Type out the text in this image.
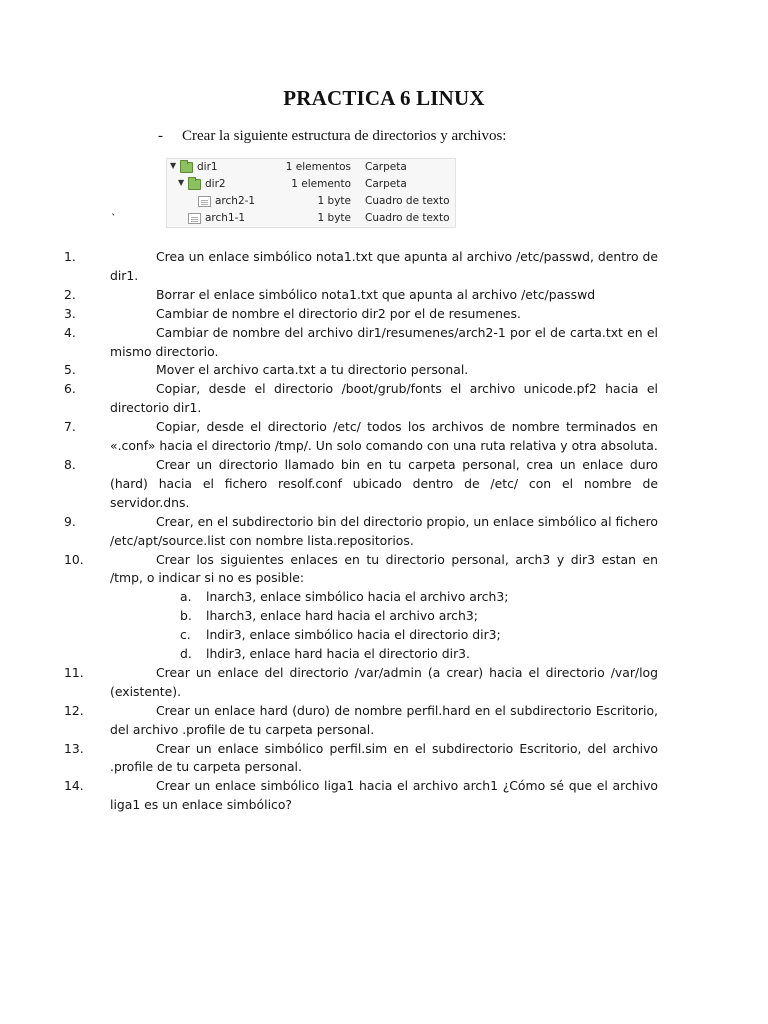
PRACTICA 6 LINUX
- Crear la siguiente estructura de directorios y archivos:
▼ dir1	1 elementos Carpeta
▼ dir2	1 elemento Carpeta
arch2-1	1 byte Cuadro de texto
arch1-1	1 byte Cuadro de texto
`

1.	Crea un enlace simbólico nota1.txt que apunta al archivo /etc/passwd, dentro de dir1.

2.	Borrar el enlace simbólico nota1.txt que apunta al archivo /etc/passwd

3.	Cambiar de nombre el directorio dir2 por el de resumenes.

4.	Cambiar de nombre del archivo dir1/resumenes/arch2-1 por el de carta.txt en el mismo directorio.

5.	Mover el archivo carta.txt a tu directorio personal.

6.	Copiar, desde el directorio /boot/grub/fonts el archivo unicode.pf2 hacia el directorio dir1.

7.	Copiar, desde el directorio /etc/ todos los archivos de nombre terminados en «.conf» hacia el directorio /tmp/. Un solo comando con una ruta relativa y otra absoluta.

8.	Crear un directorio llamado bin en tu carpeta personal, crea un enlace duro (hard) hacia el fichero resolf.conf ubicado dentro de /etc/ con el nombre de servidor.dns.

9.	Crear, en el subdirectorio bin del directorio propio, un enlace simbólico al fichero /etc/apt/source.list con nombre lista.repositorios.

10.	Crear los siguientes enlaces en tu directorio personal, arch3 y dir3 estan en /tmp, o indicar si no es posible:

a. lnarch3, enlace simbólico hacia el archivo arch3;

b. lharch3, enlace hard hacia el archivo arch3;

c. lndir3, enlace simbólico hacia el directorio dir3;

d. lhdir3, enlace hard hacia el directorio dir3.

11.	Crear un enlace del directorio /var/admin (a crear) hacia el directorio /var/log (existente).

12.	Crear un enlace hard (duro) de nombre perfil.hard en el subdirectorio Escritorio, del archivo .profile de tu carpeta personal.

13.	Crear un enlace simbólico perfil.sim en el subdirectorio Escritorio, del archivo .profile de tu carpeta personal.

14.	Crear un enlace simbólico liga1 hacia el archivo arch1 ¿Cómo sé que el archivo liga1 es un enlace simbólico?
